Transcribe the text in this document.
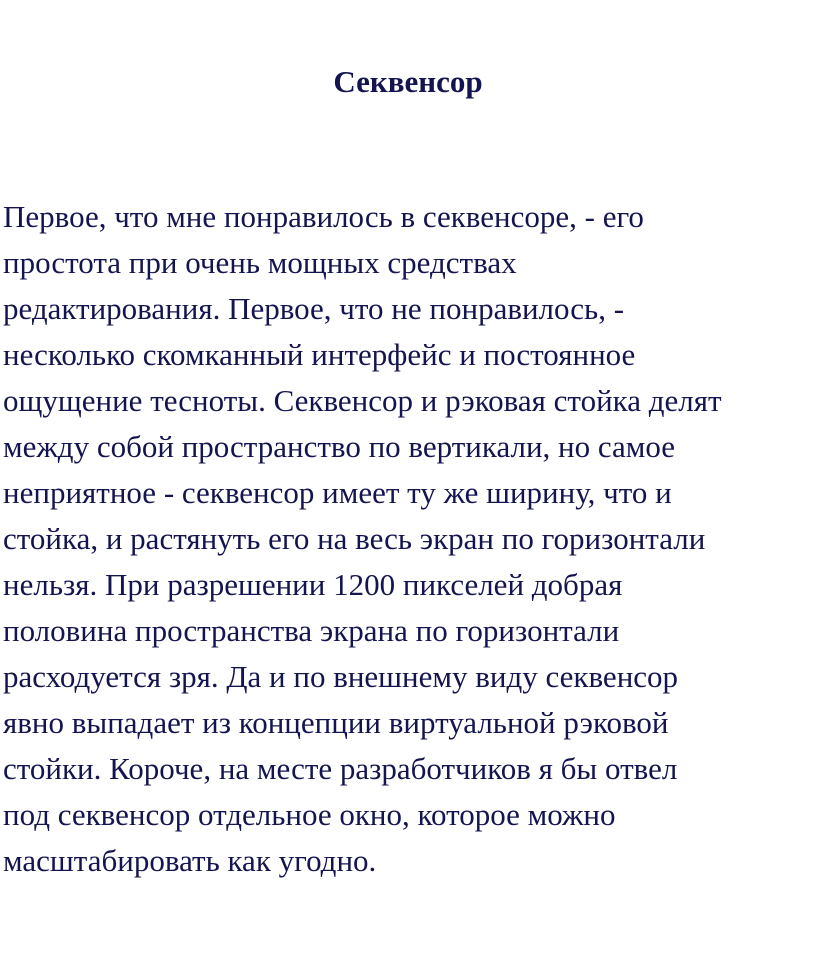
Секвенсор

Первое, что мне понравилось в секвенсоре, - его
простота при очень мощных средствах
редактирования. Первое, что не понравилось, -
несколько скомканный интерфейс и постоянное
ощущение тесноты. Секвенсор и рэковая стойка делят
между собой пространство по вертикали, но самое
неприятное - секвенсор имеет ту же ширину, что и
стойка, и растянуть его на весь экран по горизонтали
нельзя. При разрешении 1200 пикселей добрая
половина пространства экрана по горизонтали
расходуется зря. Да и по внешнему виду секвенсор
явно выпадает из концепции виртуальной рэковой
стойки. Короче, на месте разработчиков я бы отвел
под секвенсор отдельное окно, которое можно
масштабировать как угодно.
